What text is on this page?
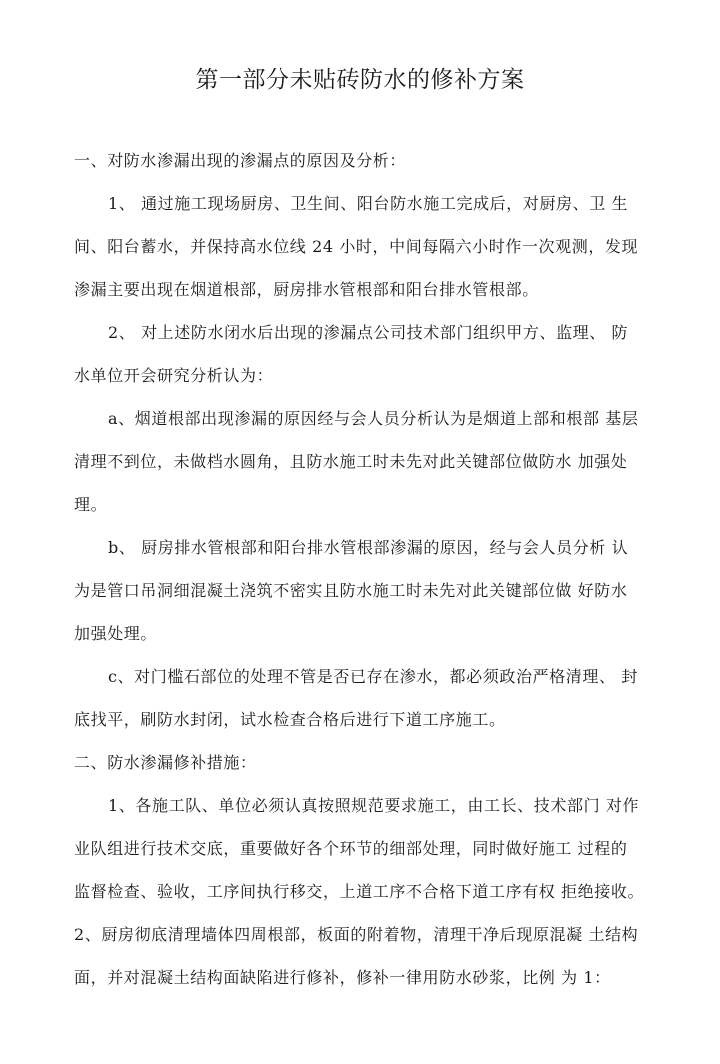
第一部分未贴砖防水的修补方案
一、对防水渗漏出现的渗漏点的原因及分析：
1、 通过施工现场厨房、卫生间、阳台防水施工完成后，对厨房、卫 生
间、阳台蓄水，并保持高水位线 24 小时，中间每隔六小时作一次观测，发现
渗漏主要出现在烟道根部，厨房排水管根部和阳台排水管根部。
2、 对上述防水闭水后出现的渗漏点公司技术部门组织甲方、监理、 防
水单位开会研究分析认为：
a、烟道根部出现渗漏的原因经与会人员分析认为是烟道上部和根部 基层
清理不到位，未做档水圆角，且防水施工时未先对此关键部位做防水 加强处
理。
b、 厨房排水管根部和阳台排水管根部渗漏的原因，经与会人员分析 认
为是管口吊洞细混凝土浇筑不密实且防水施工时未先对此关键部位做 好防水
加强处理。
c、对门槛石部位的处理不管是否已存在渗水，都必须政治严格清理、 封
底找平，刷防水封闭，试水检查合格后进行下道工序施工。
二、防水渗漏修补措施：
1、各施工队、单位必须认真按照规范要求施工，由工长、技术部门 对作
业队组进行技术交底，重要做好各个环节的细部处理，同时做好施工 过程的
监督检查、验收，工序间执行移交，上道工序不合格下道工序有权 拒绝接收。
2、厨房彻底清理墙体四周根部，板面的附着物，清理干净后现原混凝 土结构
面，并对混凝土结构面缺陷进行修补，修补一律用防水砂浆，比例 为 1：
